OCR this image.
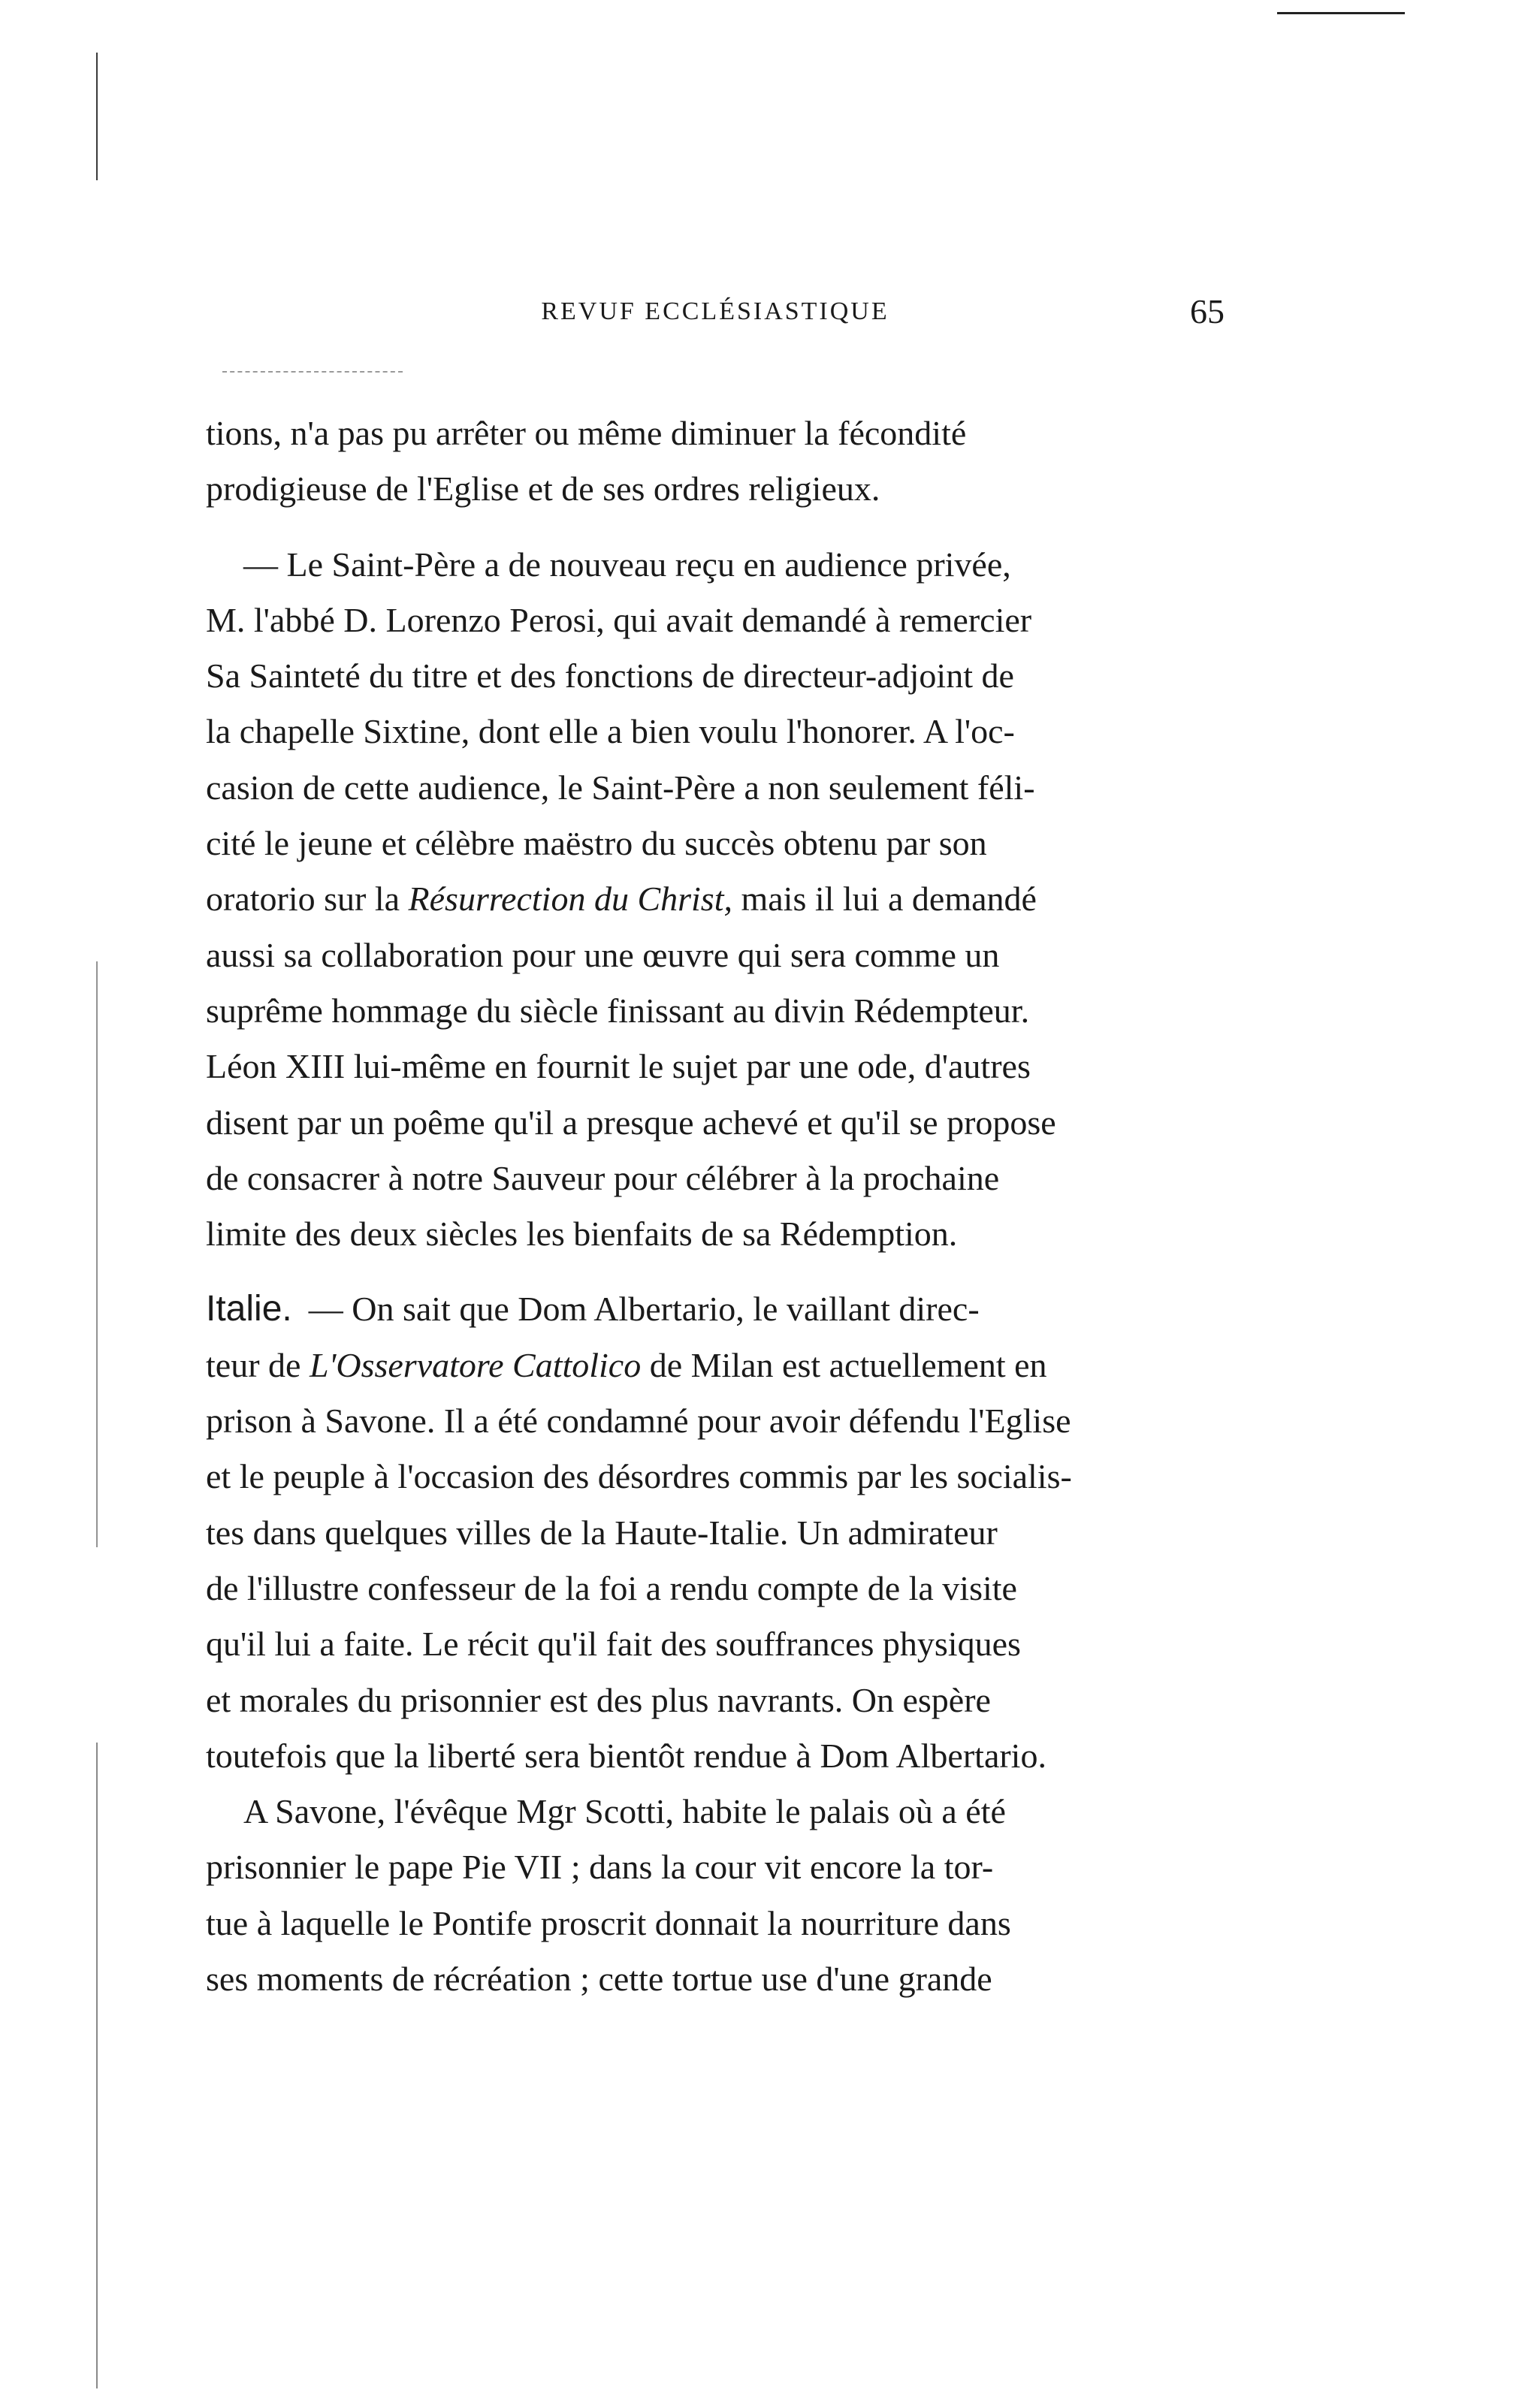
REVUF ECCLÉSIASTIQUE	65
tions, n'a pas pu arrêter ou même diminuer la fécondité
prodigieuse de l'Eglise et de ses ordres religieux.
— Le Saint-Père a de nouveau reçu en audience privée,
M. l'abbé D. Lorenzo Perosi, qui avait demandé à remercier
Sa Sainteté du titre et des fonctions de directeur-adjoint de
la chapelle Sixtine, dont elle a bien voulu l'honorer. A l'oc-
casion de cette audience, le Saint-Père a non seulement féli-
cité le jeune et célèbre maëstro du succès obtenu par son
oratorio sur la Résurrection du Christ, mais il lui a demandé
aussi sa collaboration pour une œuvre qui sera comme un
suprême hommage du siècle finissant au divin Rédempteur.
Léon XIII lui-même en fournit le sujet par une ode, d'autres
disent par un poême qu'il a presque achevé et qu'il se propose
de consacrer à notre Sauveur pour célébrer à la prochaine
limite des deux siècles les bienfaits de sa Rédemption.
Italie. — On sait que Dom Albertario, le vaillant direc-
teur de L'Osservatore Cattolico de Milan est actuellement en
prison à Savone. Il a été condamné pour avoir défendu l'Eglise
et le peuple à l'occasion des désordres commis par les socialis-
tes dans quelques villes de la Haute-Italie. Un admirateur
de l'illustre confesseur de la foi a rendu compte de la visite
qu'il lui a faite. Le récit qu'il fait des souffrances physiques
et morales du prisonnier est des plus navrants. On espère
toutefois que la liberté sera bientôt rendue à Dom Albertario.
A Savone, l'évêque Mgr Scotti, habite le palais où a été
prisonnier le pape Pie VII ; dans la cour vit encore la tor-
tue à laquelle le Pontife proscrit donnait la nourriture dans
ses moments de récréation ; cette tortue use d'une grande
